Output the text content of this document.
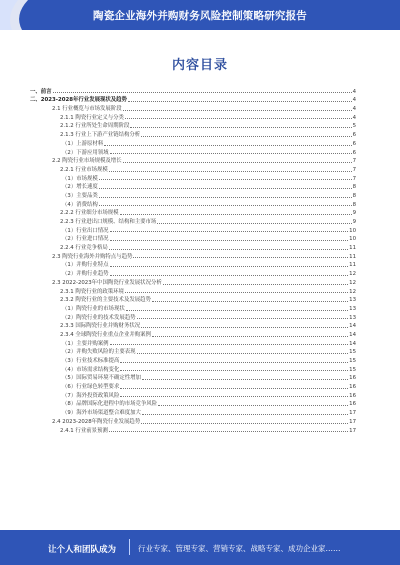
陶瓷企业海外并购财务风险控制策略研究报告
内容目录
一、前言	4
二、2023-2028年行业发展现状及趋势	4
2.1 行业概览与市场发展阶段	4
2.1.1 陶瓷行业定义与分类	4
2.1.2 行业所处生命周期阶段	5
2.1.3 行业上下游产业链结构分析	6
（1）上游原材料	6
（2）下游应用领域	6
2.2 陶瓷行业市场规模及增长	7
2.2.1 行业市场规模	7
（1）市场规模	7
（2）增长速度	8
（3）主要品类	8
（4）消费结构	8
2.2.2 行业细分市场规模	9
2.2.3 行业进出口规模、结构和主要市场	9
（1）行业出口情况	10
（2）行业进口情况	10
2.2.4 行业竞争格局	11
2.3 陶瓷行业海外并购特点与趋势	11
（1）并购行业特点	11
（2）并购行业趋势	12
2.3 2022-2023年中国陶瓷行业发展状况分析	12
2.3.1 陶瓷行业的政策环境	12
2.3.2 陶瓷行业的主要技术及发展趋势	13
（1）陶瓷行业的市场现状	13
（2）陶瓷行业的技术发展趋势	13
2.3.3 国际陶瓷行业并购财务状况	14
2.3.4 全球陶瓷行业重点企业并购案例	14
（1）主要并购案例	14
（2）并购失败风险的主要表现	15
（3）行业技术标准提高	15
（4）市场需求结构变化	15
（5）国际贸易环境不确定性增加	16
（6）行业绿色转型要求	16
（7）海外投资政策风险	16
（8）品牌国际化进程中的市场竞争风险	16
（9）海外市场渠道整合难度加大	17
2.4 2023-2028年陶瓷行业发展趋势	17
2.4.1 行业前景预测	17
让个人和团队成为	行业专家、管理专家、营销专家、战略专家、成功企业家……
